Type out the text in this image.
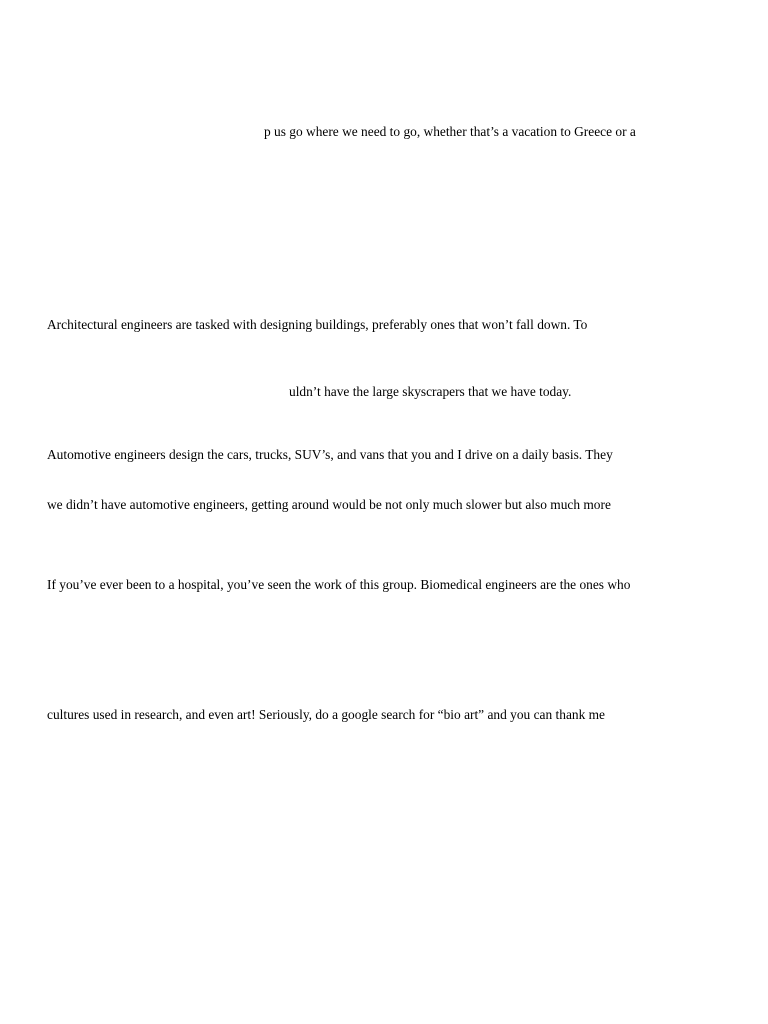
p us go where we need to go, whether that’s a vacation to Greece or a

Architectural engineers are tasked with designing buildings, preferably ones that won’t fall down. To

uldn’t have the large skyscrapers that we have today.

Automotive engineers design the cars, trucks, SUV’s, and vans that you and I drive on a daily basis. They

we didn’t have automotive engineers, getting around would be not only much slower but also much more

If you’ve ever been to a hospital, you’ve seen the work of this group. Biomedical engineers are the ones who

cultures used in research, and even art! Seriously, do a google search for “bio art” and you can thank me
